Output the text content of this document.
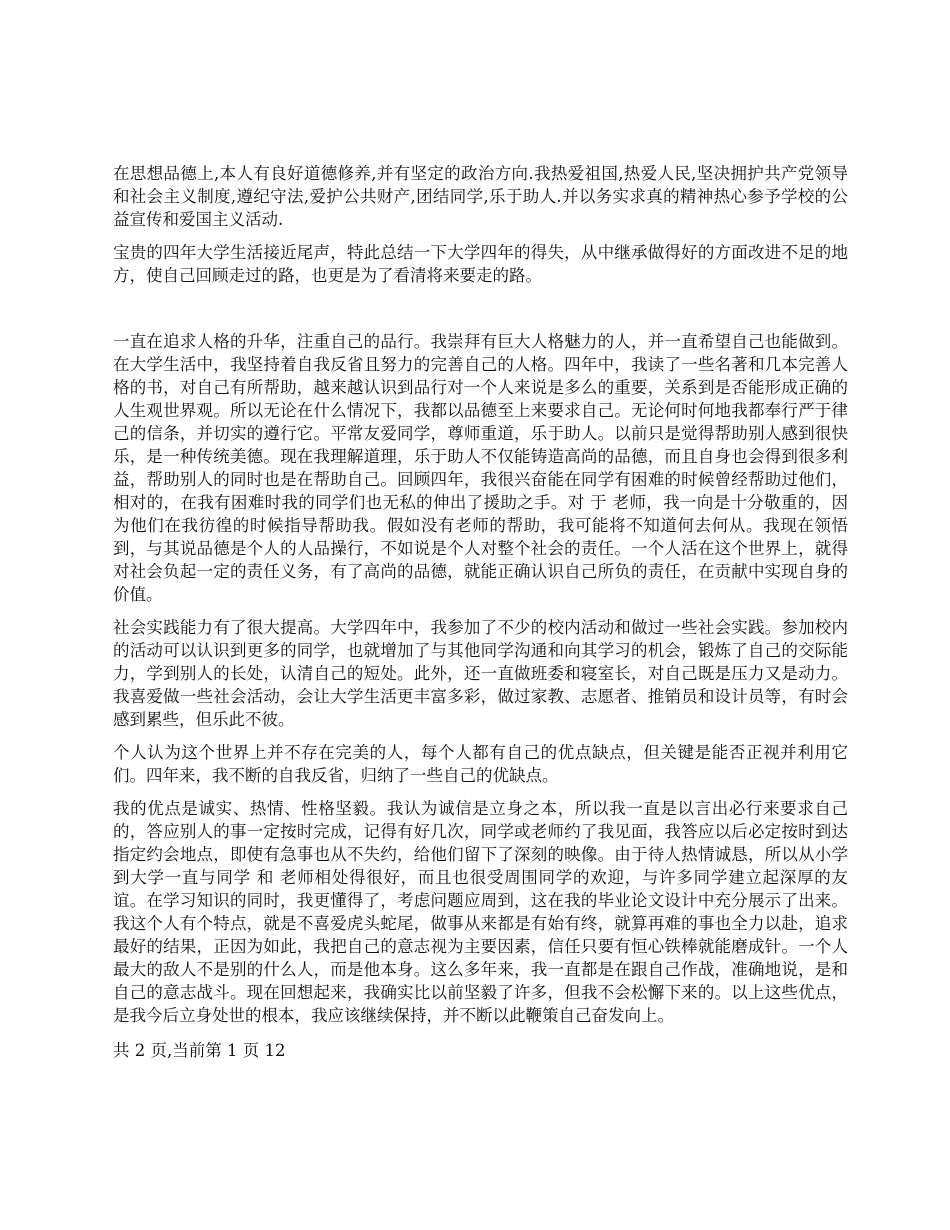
在思想品德上,本人有良好道德修养,并有坚定的政治方向.我热爱祖国,热爱人民,坚决拥护共产党领导和社会主义制度,遵纪守法,爱护公共财产,团结同学,乐于助人.并以务实求真的精神热心参予学校的公益宣传和爱国主义活动.

宝贵的四年大学生活接近尾声，特此总结一下大学四年的得失，从中继承做得好的方面改进不足的地方，使自己回顾走过的路，也更是为了看清将来要走的路。

一直在追求人格的升华，注重自己的品行。我崇拜有巨大人格魅力的人，并一直希望自己也能做到。在大学生活中，我坚持着自我反省且努力的完善自己的人格。四年中，我读了一些名著和几本完善人格的书，对自己有所帮助，越来越认识到品行对一个人来说是多么的重要，关系到是否能形成正确的人生观世界观。所以无论在什么情况下，我都以品德至上来要求自己。无论何时何地我都奉行严于律己的信条，并切实的遵行它。平常友爱同学，尊师重道，乐于助人。以前只是觉得帮助别人感到很快乐，是一种传统美德。现在我理解道理，乐于助人不仅能铸造高尚的品德，而且自身也会得到很多利益，帮助别人的同时也是在帮助自己。回顾四年，我很兴奋能在同学有困难的时候曾经帮助过他们，相对的，在我有困难时我的同学们也无私的伸出了援助之手。对 于 老师，我一向是十分敬重的，因为他们在我彷徨的时候指导帮助我。假如没有老师的帮助，我可能将不知道何去何从。我现在领悟到，与其说品德是个人的人品操行，不如说是个人对整个社会的责任。一个人活在这个世界上，就得对社会负起一定的责任义务，有了高尚的品德，就能正确认识自己所负的责任，在贡献中实现自身的价值。

社会实践能力有了很大提高。大学四年中，我参加了不少的校内活动和做过一些社会实践。参加校内的活动可以认识到更多的同学，也就增加了与其他同学沟通和向其学习的机会，锻炼了自己的交际能力，学到别人的长处，认清自己的短处。此外，还一直做班委和寝室长，对自己既是压力又是动力。我喜爱做一些社会活动，会让大学生活更丰富多彩，做过家教、志愿者、推销员和设计员等，有时会感到累些，但乐此不彼。

个人认为这个世界上并不存在完美的人，每个人都有自己的优点缺点，但关键是能否正视并利用它们。四年来，我不断的自我反省，归纳了一些自己的优缺点。

我的优点是诚实、热情、性格坚毅。我认为诚信是立身之本，所以我一直是以言出必行来要求自己的，答应别人的事一定按时完成，记得有好几次，同学或老师约了我见面，我答应以后必定按时到达指定约会地点，即使有急事也从不失约，给他们留下了深刻的映像。由于待人热情诚恳，所以从小学到大学一直与同学 和 老师相处得很好，而且也很受周围同学的欢迎，与许多同学建立起深厚的友谊。在学习知识的同时，我更懂得了，考虑问题应周到，这在我的毕业论文设计中充分展示了出来。我这个人有个特点，就是不喜爱虎头蛇尾，做事从来都是有始有终，就算再难的事也全力以赴，追求最好的结果，正因为如此，我把自己的意志视为主要因素，信任只要有恒心铁棒就能磨成针。一个人最大的敌人不是别的什么人，而是他本身。这么多年来，我一直都是在跟自己作战，准确地说，是和自己的意志战斗。现在回想起来，我确实比以前坚毅了许多，但我不会松懈下来的。以上这些优点，是我今后立身处世的根本，我应该继续保持，并不断以此鞭策自己奋发向上。

共 2 页,当前第 1 页 12
